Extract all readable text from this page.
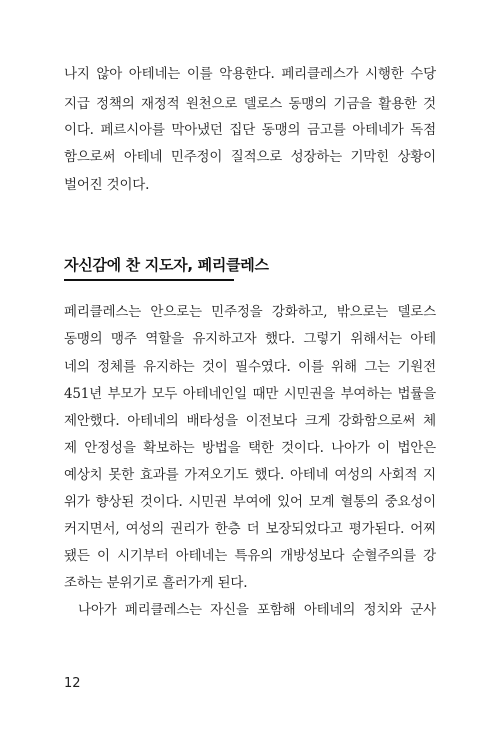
나지 않아 아테네는 이를 악용한다. 페리클레스가 시행한 수당
지급 정책의 재정적 원천으로 델로스 동맹의 기금을 활용한 것
이다. 페르시아를 막아냈던 집단 동맹의 금고를 아테네가 독점
함으로써 아테네 민주정이 질적으로 성장하는 기막힌 상황이
벌어진 것이다.
자신감에 찬 지도자, 페리클레스
페리클레스는 안으로는 민주정을 강화하고, 밖으로는 델로스
동맹의 맹주 역할을 유지하고자 했다. 그렇기 위해서는 아테
네의 정체를 유지하는 것이 필수였다. 이를 위해 그는 기원전
451년 부모가 모두 아테네인일 때만 시민권을 부여하는 법률을
제안했다. 아테네의 배타성을 이전보다 크게 강화함으로써 체
제 안정성을 확보하는 방법을 택한 것이다. 나아가 이 법안은
예상치 못한 효과를 가져오기도 했다. 아테네 여성의 사회적 지
위가 향상된 것이다. 시민권 부여에 있어 모계 혈통의 중요성이
커지면서, 여성의 권리가 한층 더 보장되었다고 평가된다. 어찌
됐든 이 시기부터 아테네는 특유의 개방성보다 순혈주의를 강
조하는 분위기로 흘러가게 된다.
나아가 페리클레스는 자신을 포함해 아테네의 정치와 군사
12
